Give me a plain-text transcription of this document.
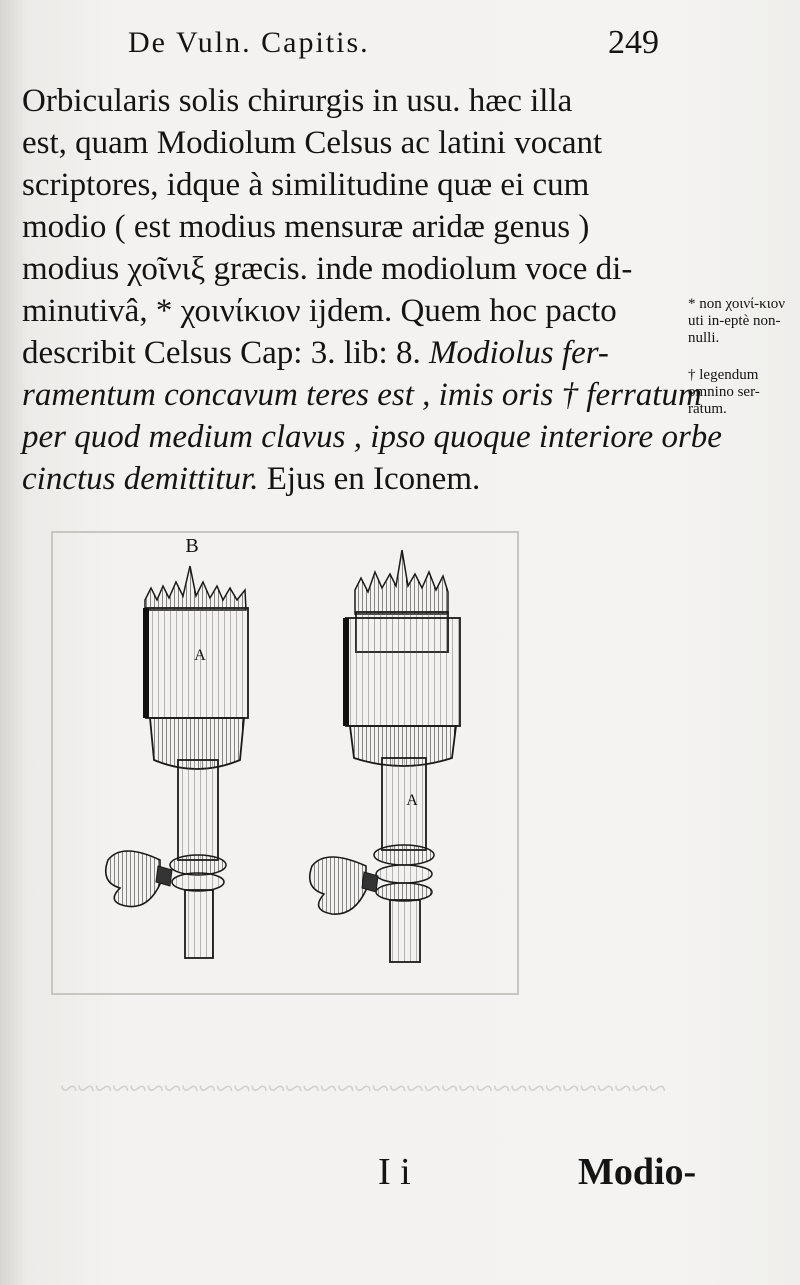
~~~~~~~~~~~~~~~~~~~~~~~~~~~~~~~~~~~
De Vuln. Capitis.	249
Orbicularis solis chirurgis in usu. hæc illa
est, quam Modiolum Celsus ac latini vocant
scriptores, idque à similitudine quæ ei cum
modio ( est modius mensuræ aridæ genus )
modius χοῖνιξ græcis. inde modiolum voce di-
minutivâ, * χοινίκιον ijdem. Quem hoc pacto
describit Celsus Cap: 3. lib: 8. Modiolus fer-
ramentum concavum teres est , imis oris † ferratum
per quod medium clavus , ipso quoque interiore orbe
cinctus demittitur. Ejus en Iconem.
* non χοινί-κιον uti in-eptè non-nulli.
† legendum omnino ser-ratum.
B
A
A
I i	Modio-
